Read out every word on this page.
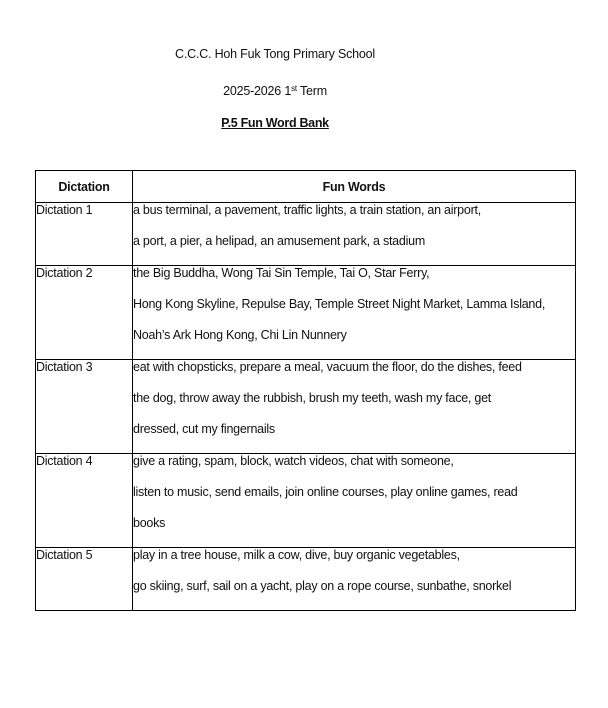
C.C.C. Hoh Fuk Tong Primary School
2025-2026 1st Term
P.5 Fun Word Bank
Dictation	Fun Words
Dictation 1	a bus terminal, a pavement, traffic lights, a train station, an airport,
a port, a pier, a helipad, an amusement park, a stadium

Dictation 2	the Big Buddha, Wong Tai Sin Temple, Tai O, Star Ferry,
Hong Kong Skyline, Repulse Bay, Temple Street Night Market, Lamma Island,
Noah’s Ark Hong Kong, Chi Lin Nunnery

Dictation 3	eat with chopsticks, prepare a meal, vacuum the floor, do the dishes, feed
the dog, throw away the rubbish, brush my teeth, wash my face, get
dressed, cut my fingernails

Dictation 4	give a rating, spam, block, watch videos, chat with someone,
listen to music, send emails, join online courses, play online games, read
books

Dictation 5	play in a tree house, milk a cow, dive, buy organic vegetables,
go skiing, surf, sail on a yacht, play on a rope course, sunbathe, snorkel
